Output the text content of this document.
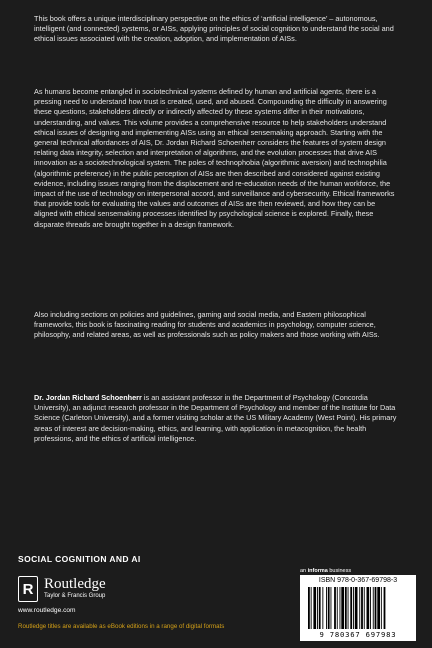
This book offers a unique interdisciplinary perspective on the ethics of ‘artificial intelligence’ – autonomous, intelligent (and connected) systems, or AISs, applying principles of social cognition to understand the social and ethical issues associated with the creation, adoption, and implementation of AISs.

As humans become entangled in sociotechnical systems defined by human and artificial agents, there is a pressing need to understand how trust is created, used, and abused. Compounding the difficulty in answering these questions, stakeholders directly or indirectly affected by these systems differ in their motivations, understanding, and values. This volume provides a comprehensive resource to help stakeholders understand ethical issues of designing and implementing AISs using an ethical sensemaking approach. Starting with the general technical affordances of AIS, Dr. Jordan Richard Schoenherr considers the features of system design relating data integrity, selection and interpretation of algorithms, and the evolution processes that drive AIS innovation as a sociotechnological system. The poles of technophobia (algorithmic aversion) and technophilia (algorithmic preference) in the public perception of AISs are then described and considered against existing evidence, including issues ranging from the displacement and re-education needs of the human workforce, the impact of the use of technology on interpersonal accord, and surveillance and cybersecurity. Ethical frameworks that provide tools for evaluating the values and outcomes of AISs are then reviewed, and how they can be aligned with ethical sensemaking processes identified by psychological science is explored. Finally, these disparate threads are brought together in a design framework.

Also including sections on policies and guidelines, gaming and social media, and Eastern philosophical frameworks, this book is fascinating reading for students and academics in psychology, computer science, philosophy, and related areas, as well as professionals such as policy makers and those working with AISs.

Dr. Jordan Richard Schoenherr is an assistant professor in the Department of Psychology (Concordia University), an adjunct research professor in the Department of Psychology and member of the Institute for Data Science (Carleton University), and a former visiting scholar at the US Military Academy (West Point). His primary areas of interest are decision-making, ethics, and learning, with application in metacognition, the health professions, and the ethics of artificial intelligence.

SOCIAL COGNITION AND AI
R Routledge
Taylor & Francis Group
www.routledge.com
Routledge titles are available as eBook editions in a range of digital formats
an informa business
ISBN 978-0-367-69798-3
9 780367 697983
